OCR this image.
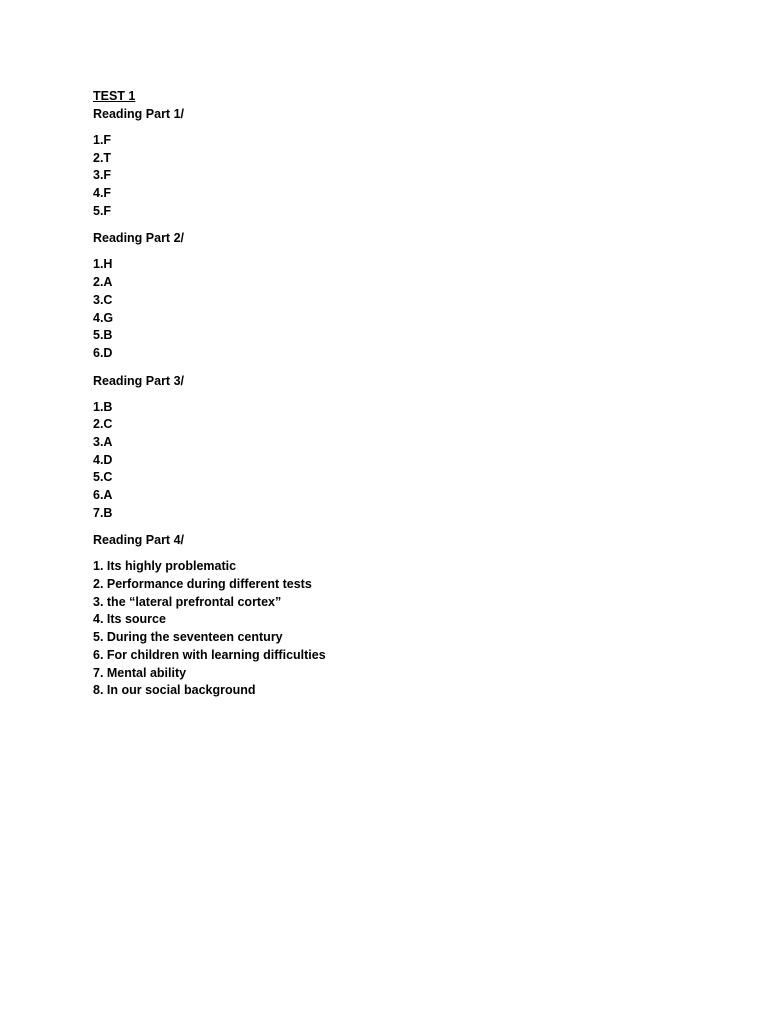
TEST 1
Reading Part 1/
1.F
2.T
3.F
4.F
5.F
Reading Part 2/
1.H
2.A
3.C
4.G
5.B
6.D
Reading Part 3/
1.B
2.C
3.A
4.D
5.C
6.A
7.B
Reading Part 4/
1. Its highly problematic
2. Performance during different tests
3. the “lateral prefrontal cortex”
4. Its source
5. During the seventeen century
6. For children with learning difficulties
7. Mental ability
8. In our social background
